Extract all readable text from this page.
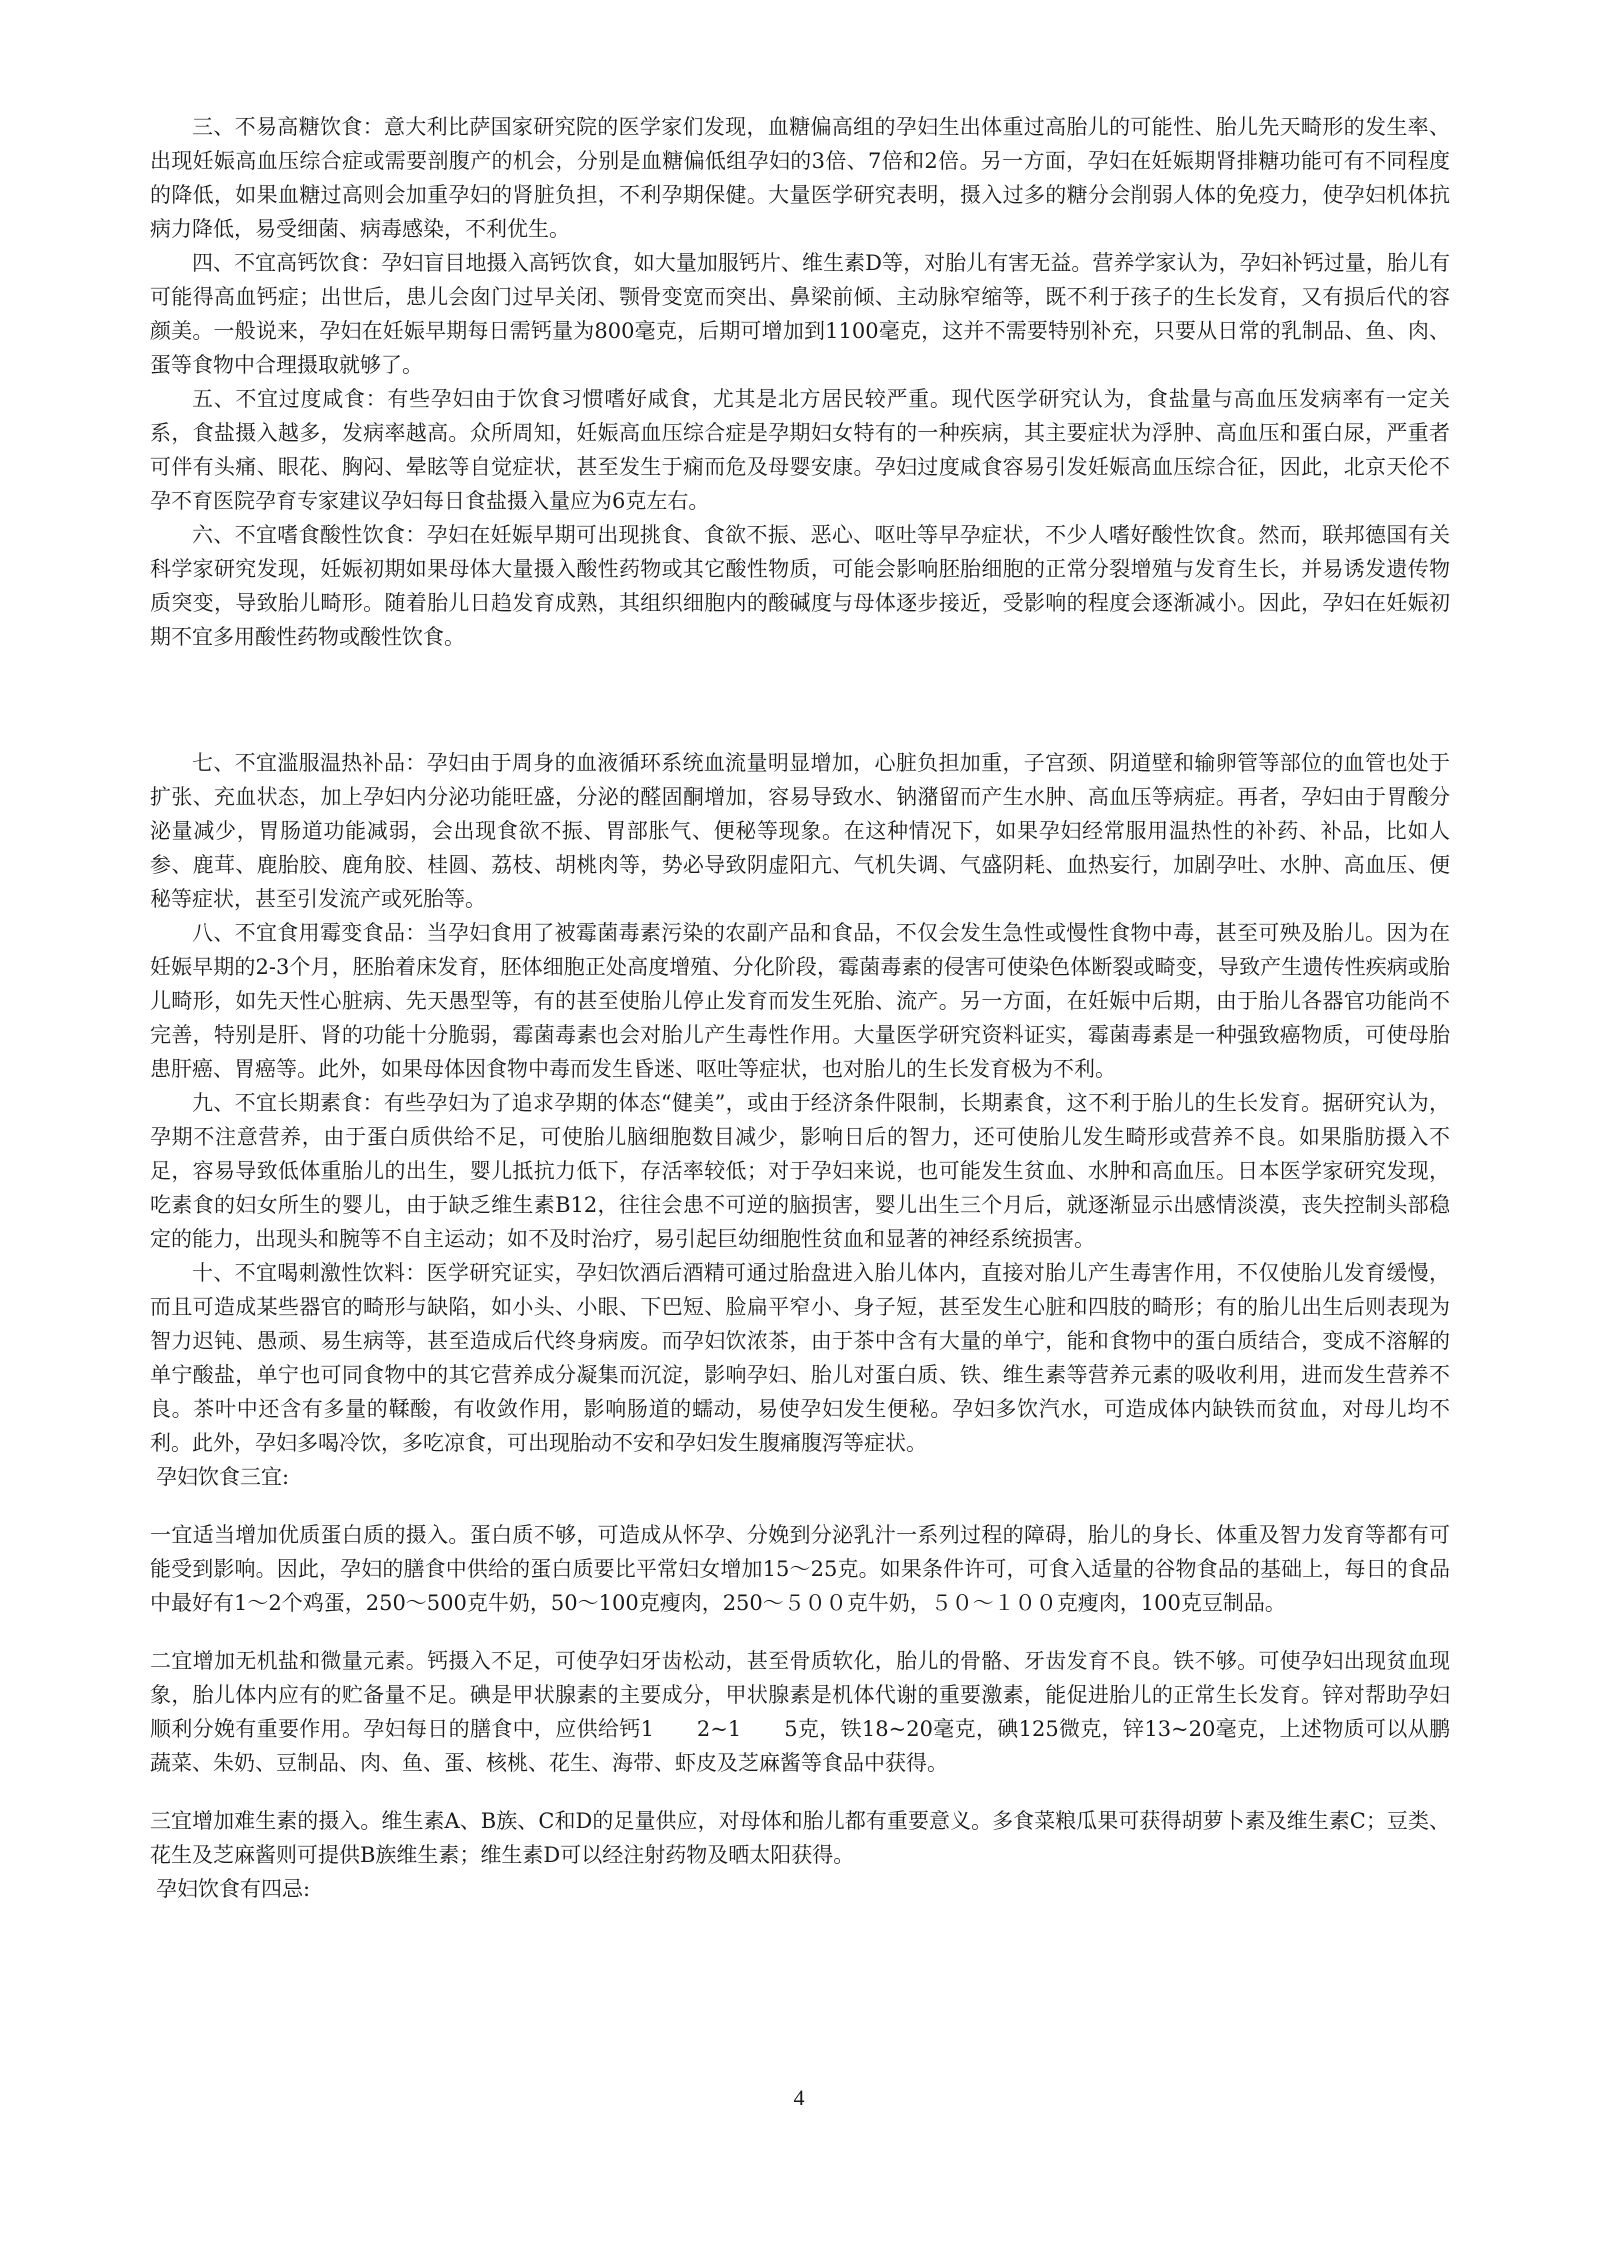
三、不易高糖饮食：意大利比萨国家研究院的医学家们发现，血糖偏高组的孕妇生出体重过高胎儿的可能性、胎儿先天畸形的发生率、出现妊娠高血压综合症或需要剖腹产的机会，分别是血糖偏低组孕妇的3倍、7倍和2倍。另一方面，孕妇在妊娠期肾排糖功能可有不同程度的降低，如果血糖过高则会加重孕妇的肾脏负担，不利孕期保健。大量医学研究表明，摄入过多的糖分会削弱人体的免疫力，使孕妇机体抗病力降低，易受细菌、病毒感染，不利优生。

四、不宜高钙饮食：孕妇盲目地摄入高钙饮食，如大量加服钙片、维生素D等，对胎儿有害无益。营养学家认为，孕妇补钙过量，胎儿有可能得高血钙症；出世后，患儿会囱门过早关闭、颚骨变宽而突出、鼻梁前倾、主动脉窄缩等，既不利于孩子的生长发育，又有损后代的容颜美。一般说来，孕妇在妊娠早期每日需钙量为800毫克，后期可增加到1100毫克，这并不需要特别补充，只要从日常的乳制品、鱼、肉、蛋等食物中合理摄取就够了。

五、不宜过度咸食：有些孕妇由于饮食习惯嗜好咸食，尤其是北方居民较严重。现代医学研究认为，食盐量与高血压发病率有一定关系，食盐摄入越多，发病率越高。众所周知，妊娠高血压综合症是孕期妇女特有的一种疾病，其主要症状为浮肿、高血压和蛋白尿，严重者可伴有头痛、眼花、胸闷、晕眩等自觉症状，甚至发生于痫而危及母婴安康。孕妇过度咸食容易引发妊娠高血压综合征，因此，北京天伦不孕不育医院孕育专家建议孕妇每日食盐摄入量应为6克左右。

六、不宜嗜食酸性饮食：孕妇在妊娠早期可出现挑食、食欲不振、恶心、呕吐等早孕症状，不少人嗜好酸性饮食。然而，联邦德国有关科学家研究发现，妊娠初期如果母体大量摄入酸性药物或其它酸性物质，可能会影响胚胎细胞的正常分裂增殖与发育生长，并易诱发遗传物质突变，导致胎儿畸形。随着胎儿日趋发育成熟，其组织细胞内的酸碱度与母体逐步接近，受影响的程度会逐渐减小。因此，孕妇在妊娠初期不宜多用酸性药物或酸性饮食。

七、不宜滥服温热补品：孕妇由于周身的血液循环系统血流量明显增加，心脏负担加重，子宫颈、阴道壁和输卵管等部位的血管也处于扩张、充血状态，加上孕妇内分泌功能旺盛，分泌的醛固酮增加，容易导致水、钠潴留而产生水肿、高血压等病症。再者，孕妇由于胃酸分泌量减少，胃肠道功能减弱，会出现食欲不振、胃部胀气、便秘等现象。在这种情况下，如果孕妇经常服用温热性的补药、补品，比如人参、鹿茸、鹿胎胶、鹿角胶、桂圆、荔枝、胡桃肉等，势必导致阴虚阳亢、气机失调、气盛阴耗、血热妄行，加剧孕吐、水肿、高血压、便秘等症状，甚至引发流产或死胎等。

八、不宜食用霉变食品：当孕妇食用了被霉菌毒素污染的农副产品和食品，不仅会发生急性或慢性食物中毒，甚至可殃及胎儿。因为在妊娠早期的2-3个月，胚胎着床发育，胚体细胞正处高度增殖、分化阶段，霉菌毒素的侵害可使染色体断裂或畸变，导致产生遗传性疾病或胎儿畸形，如先天性心脏病、先天愚型等，有的甚至使胎儿停止发育而发生死胎、流产。另一方面，在妊娠中后期，由于胎儿各器官功能尚不完善，特别是肝、肾的功能十分脆弱，霉菌毒素也会对胎儿产生毒性作用。大量医学研究资料证实，霉菌毒素是一种强致癌物质，可使母胎患肝癌、胃癌等。此外，如果母体因食物中毒而发生昏迷、呕吐等症状，也对胎儿的生长发育极为不利。

九、不宜长期素食：有些孕妇为了追求孕期的体态“健美”，或由于经济条件限制，长期素食，这不利于胎儿的生长发育。据研究认为，孕期不注意营养，由于蛋白质供给不足，可使胎儿脑细胞数目减少，影响日后的智力，还可使胎儿发生畸形或营养不良。如果脂肪摄入不足，容易导致低体重胎儿的出生，婴儿抵抗力低下，存活率较低；对于孕妇来说，也可能发生贫血、水肿和高血压。日本医学家研究发现，吃素食的妇女所生的婴儿，由于缺乏维生素B12，往往会患不可逆的脑损害，婴儿出生三个月后，就逐渐显示出感情淡漠，丧失控制头部稳定的能力，出现头和腕等不自主运动；如不及时治疗，易引起巨幼细胞性贫血和显著的神经系统损害。

十、不宜喝刺激性饮料：医学研究证实，孕妇饮酒后酒精可通过胎盘进入胎儿体内，直接对胎儿产生毒害作用，不仅使胎儿发育缓慢，而且可造成某些器官的畸形与缺陷，如小头、小眼、下巴短、脸扁平窄小、身子短，甚至发生心脏和四肢的畸形；有的胎儿出生后则表现为智力迟钝、愚顽、易生病等，甚至造成后代终身病废。而孕妇饮浓茶，由于茶中含有大量的单宁，能和食物中的蛋白质结合，变成不溶解的单宁酸盐，单宁也可同食物中的其它营养成分凝集而沉淀，影响孕妇、胎儿对蛋白质、铁、维生素等营养元素的吸收利用，进而发生营养不良。茶叶中还含有多量的鞣酸，有收敛作用，影响肠道的蠕动，易使孕妇发生便秘。孕妇多饮汽水，可造成体内缺铁而贫血，对母儿均不利。此外，孕妇多喝冷饮，多吃凉食，可出现胎动不安和孕妇发生腹痛腹泻等症状。

孕妇饮食三宜:

一宜适当增加优质蛋白质的摄入。蛋白质不够，可造成从怀孕、分娩到分泌乳汁一系列过程的障碍，胎儿的身长、体重及智力发育等都有可能受到影响。因此，孕妇的膳食中供给的蛋白质要比平常妇女增加15～25克。如果条件许可，可食入适量的谷物食品的基础上，每日的食品中最好有1～2个鸡蛋，250～500克牛奶，50～100克瘦肉，250～５００克牛奶，５０～１００克瘦肉，100克豆制品。

二宜增加无机盐和微量元素。钙摄入不足，可使孕妇牙齿松动，甚至骨质软化，胎儿的骨骼、牙齿发育不良。铁不够。可使孕妇出现贫血现象，胎儿体内应有的贮备量不足。碘是甲状腺素的主要成分，甲状腺素是机体代谢的重要激素，能促进胎儿的正常生长发育。锌对帮助孕妇顺利分娩有重要作用。孕妇每日的膳食中，应供给钙1　　2~1　　5克，铁18~20毫克，碘125微克，锌13~20毫克，上述物质可以从鹏蔬菜、朱奶、豆制品、肉、鱼、蛋、核桃、花生、海带、虾皮及芝麻酱等食品中获得。

三宜增加难生素的摄入。维生素A、B族、C和D的足量供应，对母体和胎儿都有重要意义。多食菜粮瓜果可获得胡萝卜素及维生素C；豆类、花生及芝麻酱则可提供B族维生素；维生素D可以经注射药物及晒太阳获得。

孕妇饮食有四忌:

4
